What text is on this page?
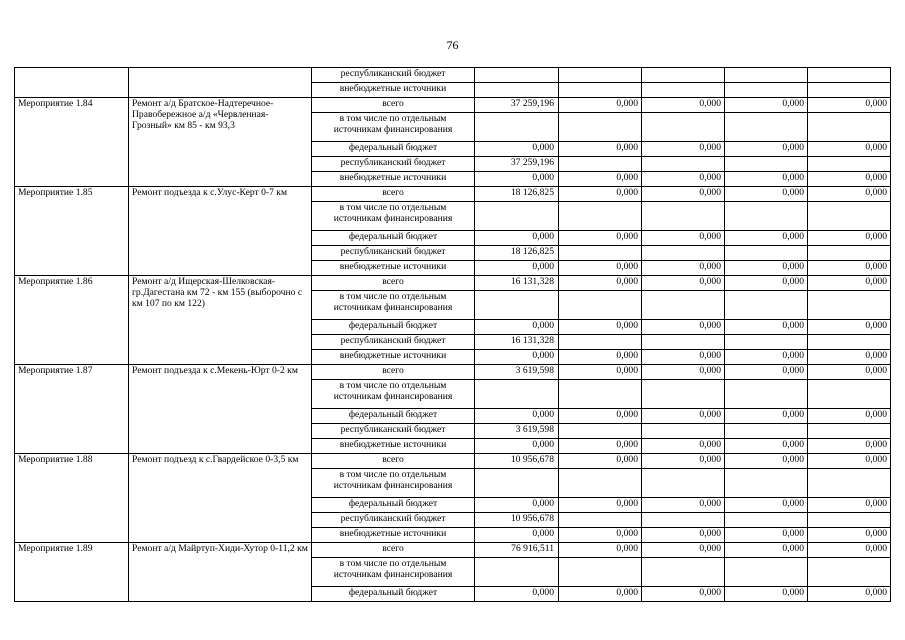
76
		республиканский бюджет					
		внебюджетные источники					
Мероприятие 1.84	Ремонт а/д Братское-Надтеречное-Правобережное а/д «Червленная-Грозный» км 85 - км 93,3	всего	37 259,196	0,000	0,000	0,000	0,000
		в том числе по отдельным источникам финансирования					
		федеральный бюджет	0,000	0,000	0,000	0,000	0,000
		республиканский бюджет	37 259,196				
		внебюджетные источники	0,000	0,000	0,000	0,000	0,000
Мероприятие 1.85	Ремонт подъезда к с.Улус-Керт 0-7 км	всего	18 126,825	0,000	0,000	0,000	0,000
		в том числе по отдельным источникам финансирования					
		федеральный бюджет	0,000	0,000	0,000	0,000	0,000
		республиканский бюджет	18 126,825				
		внебюджетные источники	0,000	0,000	0,000	0,000	0,000
Мероприятие 1.86	Ремонт а/д Ищерская-Шелковская-гр.Дагестана км 72 - км 155 (выборочно с км 107 по км 122)	всего	16 131,328	0,000	0,000	0,000	0,000
		в том числе по отдельным источникам финансирования					
		федеральный бюджет	0,000	0,000	0,000	0,000	0,000
		республиканский бюджет	16 131,328				
		внебюджетные источники	0,000	0,000	0,000	0,000	0,000
Мероприятие 1.87	Ремонт подъезда к с.Мекень-Юрт 0-2 км	всего	3 619,598	0,000	0,000	0,000	0,000
		в том числе по отдельным источникам финансирования					
		федеральный бюджет	0,000	0,000	0,000	0,000	0,000
		республиканский бюджет	3 619,598				
		внебюджетные источники	0,000	0,000	0,000	0,000	0,000
Мероприятие 1.88	Ремонт подъезд к с.Гвардейское 0-3,5 км	всего	10 956,678	0,000	0,000	0,000	0,000
		в том числе по отдельным источникам финансирования					
		федеральный бюджет	0,000	0,000	0,000	0,000	0,000
		республиканский бюджет	10 956,678				
		внебюджетные источники	0,000	0,000	0,000	0,000	0,000
Мероприятие 1.89	Ремонт а/д Майртуп-Хиди-Хутор 0-11,2 км	всего	76 916,511	0,000	0,000	0,000	0,000
		в том числе по отдельным источникам финансирования					
		федеральный бюджет	0,000	0,000	0,000	0,000	0,000
